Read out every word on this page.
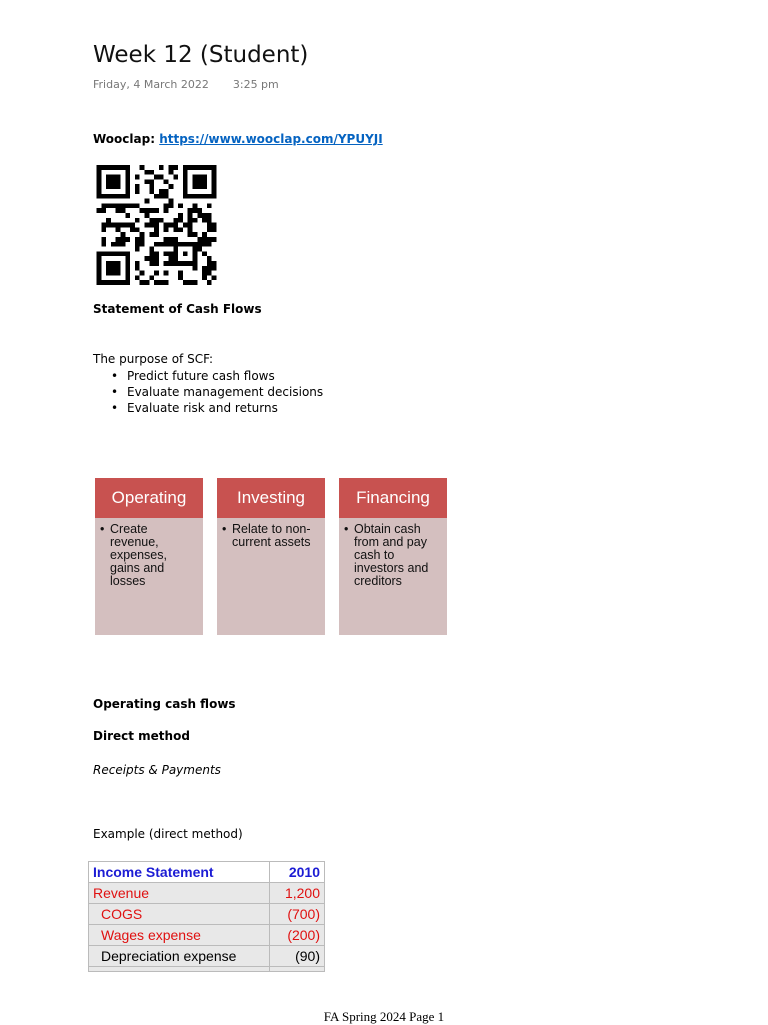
Week 12 (Student)
Friday, 4 March 2022 3:25 pm
Wooclap: https://www.wooclap.com/YPUYJI
Statement of Cash Flows
The purpose of SCF:
• Predict future cash flows
• Evaluate management decisions
• Evaluate risk and returns
Operating
• Create revenue, expenses, gains and losses
Investing
• Relate to non-current assets
Financing
• Obtain cash from and pay cash to investors and creditors
Operating cash flows
Direct method
Receipts & Payments
Example (direct method)
Income Statement	2010
Revenue	1,200
COGS	(700)
Wages expense	(200)
Depreciation expense	(90)

FA Spring 2024 Page 1
